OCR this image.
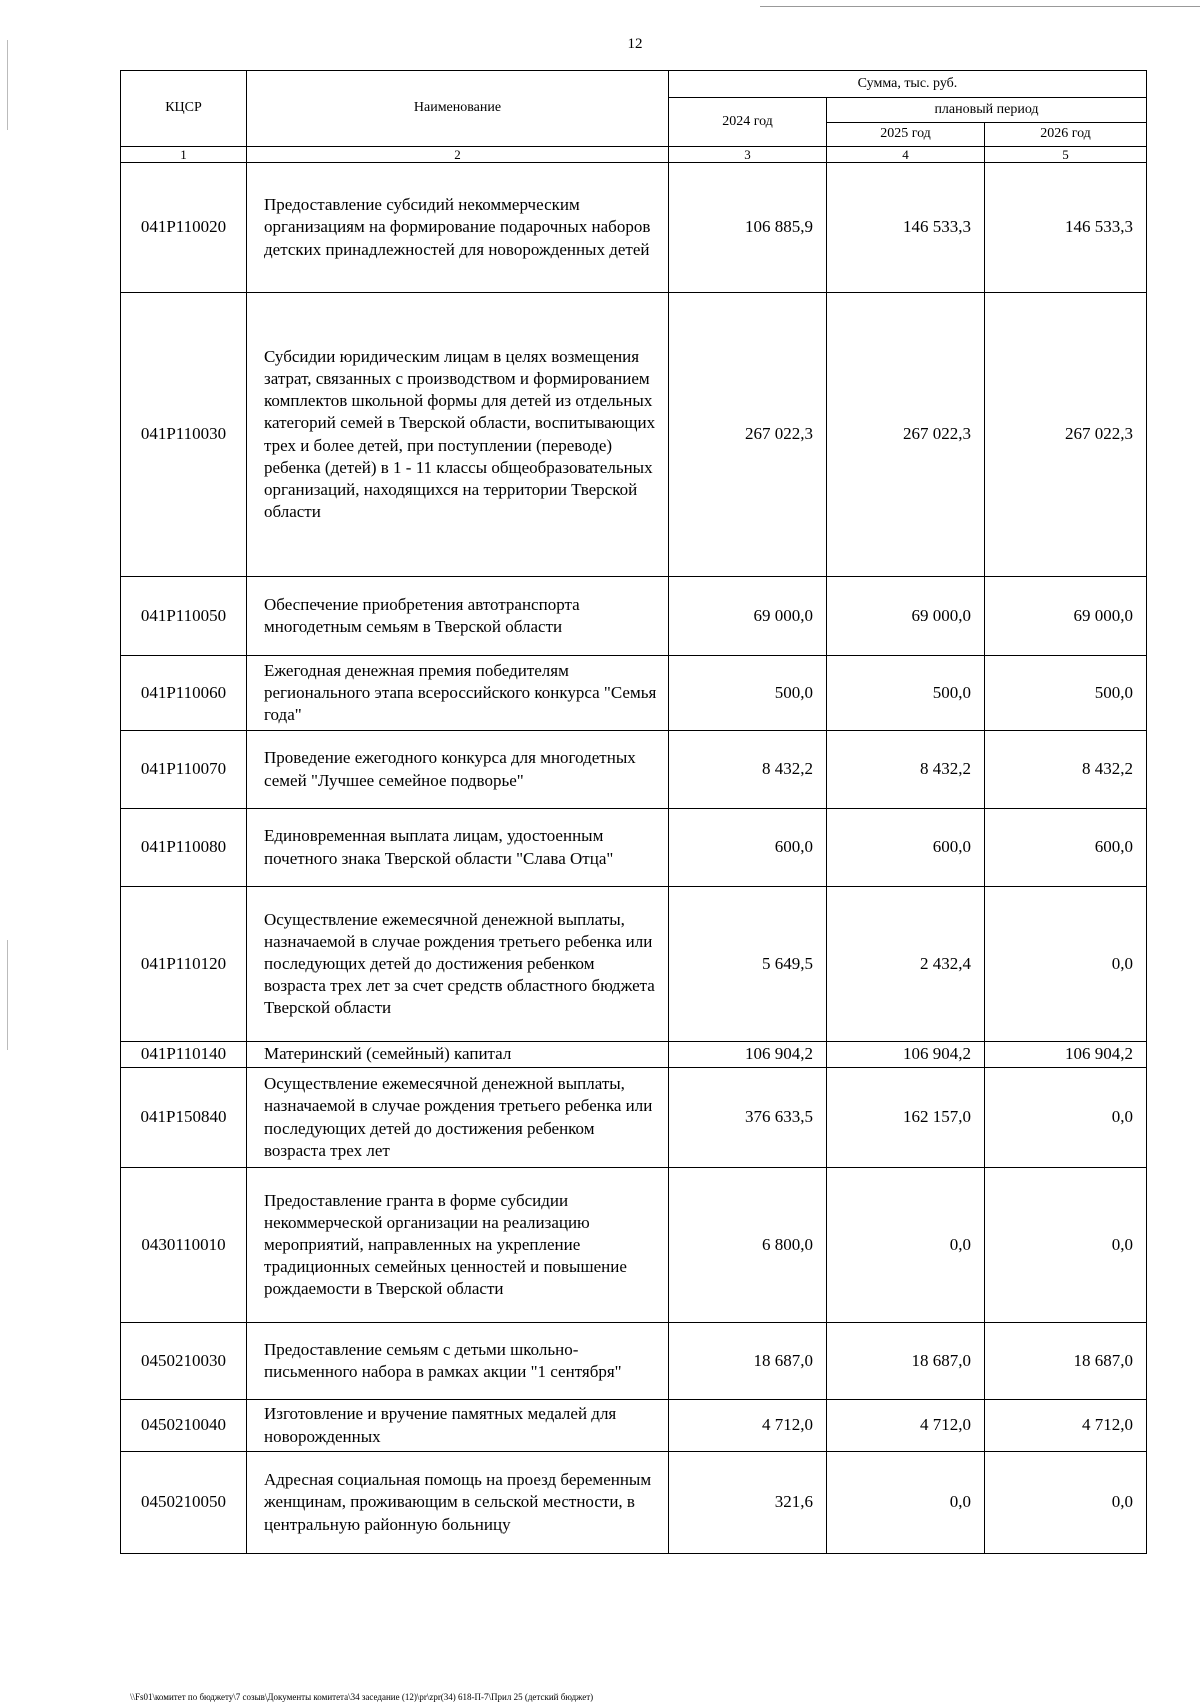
12
КЦСР	Наименование	Сумма, тыс. руб.		
		2024 год	плановый период	
			2025 год	2026 год
1	2	3	4	5
041P110020	Предоставление субсидий некоммерческим организациям на формирование подарочных наборов детских принадлежностей для новорожденных детей	106 885,9	146 533,3	146 533,3
041P110030	Субсидии юридическим лицам в целях возмещения затрат, связанных с производством и формированием комплектов школьной формы для детей из отдельных категорий семей в Тверской области, воспитывающих трех и более детей, при поступлении (переводе) ребенка (детей) в 1 - 11 классы общеобразовательных организаций, находящихся на территории Тверской области	267 022,3	267 022,3	267 022,3
041P110050	Обеспечение приобретения автотранспорта многодетным семьям в Тверской области	69 000,0	69 000,0	69 000,0
041P110060	Ежегодная денежная премия победителям регионального этапа всероссийского конкурса "Семья года"	500,0	500,0	500,0
041P110070	Проведение ежегодного конкурса для многодетных семей "Лучшее семейное подворье"	8 432,2	8 432,2	8 432,2
041P110080	Единовременная выплата лицам, удостоенным почетного знака Тверской области "Слава Отца"	600,0	600,0	600,0
041P110120	Осуществление ежемесячной денежной выплаты, назначаемой в случае рождения третьего ребенка или последующих детей до достижения ребенком возраста трех лет за счет средств областного бюджета Тверской области	5 649,5	2 432,4	0,0
041P110140	Материнский (семейный) капитал	106 904,2	106 904,2	106 904,2
041P150840	Осуществление ежемесячной денежной выплаты, назначаемой в случае рождения третьего ребенка или последующих детей до достижения ребенком возраста трех лет	376 633,5	162 157,0	0,0
0430110010	Предоставление гранта в форме субсидии некоммерческой организации на реализацию мероприятий, направленных на укрепление традиционных семейных ценностей и повышение рождаемости в Тверской области	6 800,0	0,0	0,0
0450210030	Предоставление семьям с детьми школьно-письменного набора в рамках акции "1 сентября"	18 687,0	18 687,0	18 687,0
0450210040	Изготовление и вручение памятных медалей для новорожденных	4 712,0	4 712,0	4 712,0
0450210050	Адресная социальная помощь на проезд беременным женщинам, проживающим в сельской местности, в центральную районную больницу	321,6	0,0	0,0
\\Fs01\комитет по бюджету\7 созыв\Документы комитета\34 заседание (12)\pr\zpr(34) 618-П-7\Прил 25 (детский бюджет)
